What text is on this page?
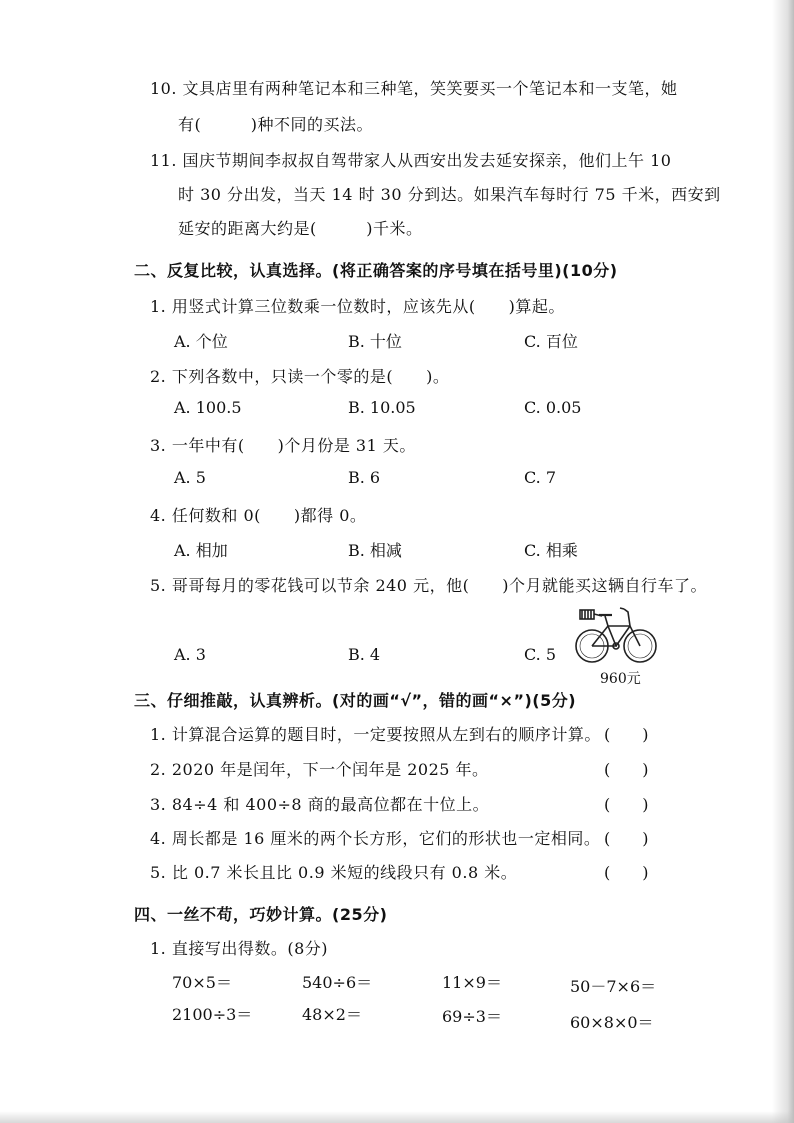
10. 文具店里有两种笔记本和三种笔，笑笑要买一个笔记本和一支笔，她
有(　　　)种不同的买法。
11. 国庆节期间李叔叔自驾带家人从西安出发去延安探亲，他们上午 10
时 30 分出发，当天 14 时 30 分到达。如果汽车每时行 75 千米，西安到
延安的距离大约是(　　　)千米。
二、反复比较，认真选择。(将正确答案的序号填在括号里)(10分)
1. 用竖式计算三位数乘一位数时，应该先从(　　)算起。
A. 个位	B. 十位	C. 百位
2. 下列各数中，只读一个零的是(　　)。
A. 100.5	B. 10.05	C. 0.05
3. 一年中有(　　)个月份是 31 天。
A. 5	B. 6	C. 7
4. 任何数和 0(　　)都得 0。
A. 相加	B. 相减	C. 相乘
5. 哥哥每月的零花钱可以节余 240 元，他(　　)个月就能买这辆自行车了。
A. 3	B. 4	C. 5
960元
三、仔细推敲，认真辨析。(对的画“√”，错的画“×”)(5分)
1. 计算混合运算的题目时，一定要按照从左到右的顺序计算。 (　　)
2. 2020 年是闰年，下一个闰年是 2025 年。	(　　)
3. 84÷4 和 400÷8 商的最高位都在十位上。	(　　)
4. 周长都是 16 厘米的两个长方形，它们的形状也一定相同。 (　　)
5. 比 0.7 米长且比 0.9 米短的线段只有 0.8 米。	(　　)
四、一丝不苟，巧妙计算。(25分)
1. 直接写出得数。(8分)
70×5＝	540÷6＝	11×9＝	50－7×6＝
2100÷3＝	48×2＝	69÷3＝	60×8×0＝
